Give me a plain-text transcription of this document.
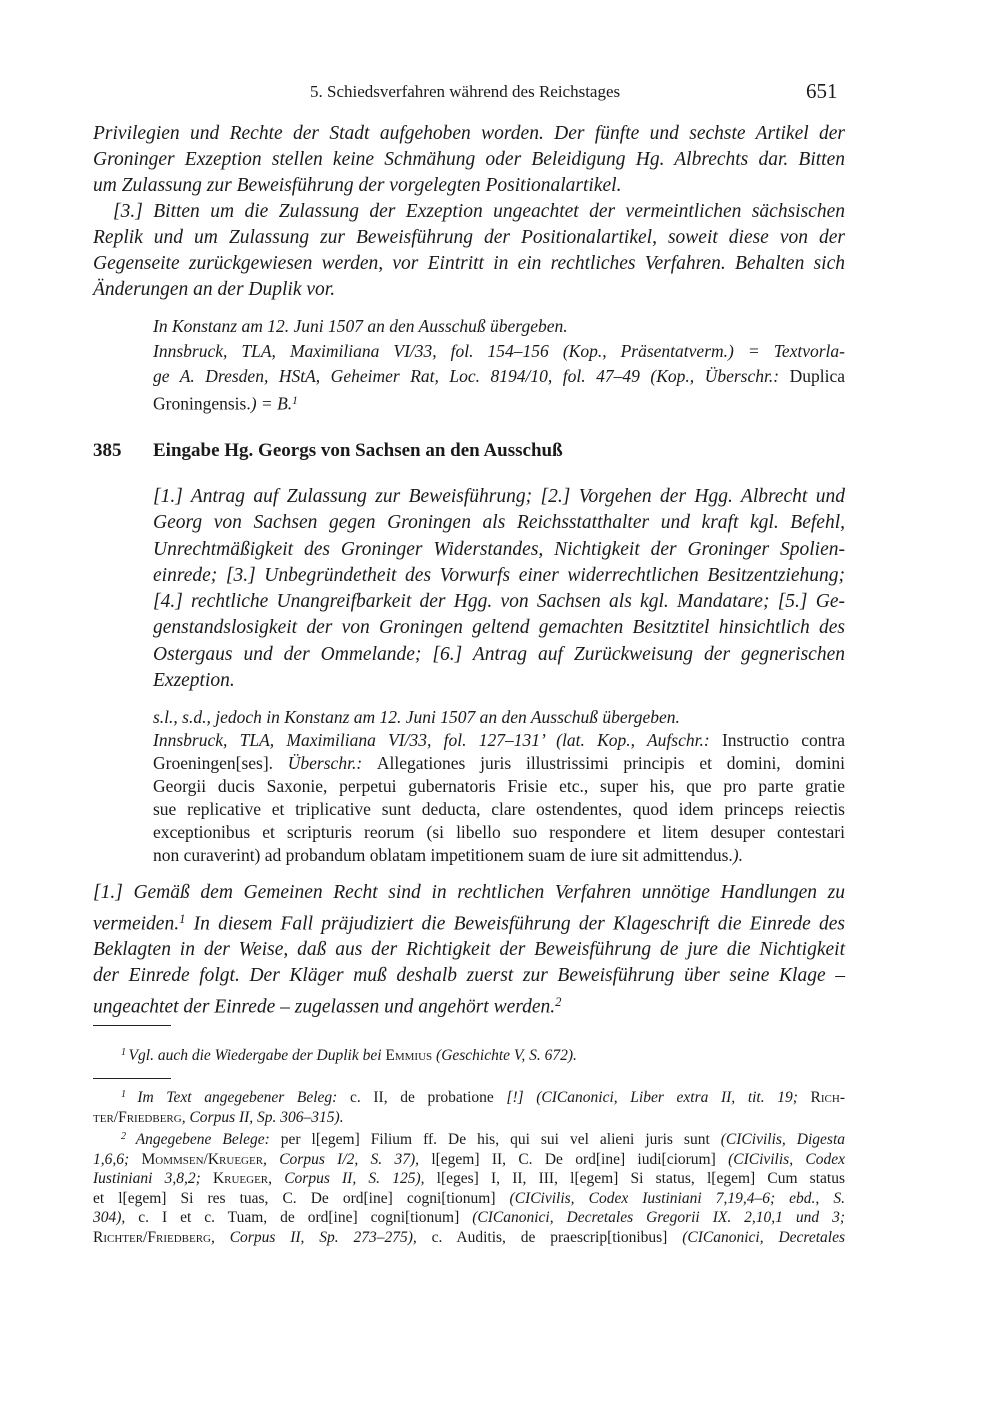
5. Schiedsverfahren während des Reichstages	651
Privilegien und Rechte der Stadt aufgehoben worden. Der fünfte und sechste Artikel der
Groninger Exzeption stellen keine Schmähung oder Beleidigung Hg. Albrechts dar. Bitten
um Zulassung zur Beweisführung der vorgelegten Positionalartikel.
[3.] Bitten um die Zulassung der Exzeption ungeachtet der vermeintlichen sächsischen
Replik und um Zulassung zur Beweisführung der Positionalartikel, soweit diese von der
Gegenseite zurückgewiesen werden, vor Eintritt in ein rechtliches Verfahren. Behalten sich
Änderungen an der Duplik vor.
In Konstanz am 12. Juni 1507 an den Ausschuß übergeben.
Innsbruck, TLA, Maximiliana VI/33, fol. 154–156 (Kop., Präsentatverm.) = Textvorla-
ge A. Dresden, HStA, Geheimer Rat, Loc. 8194/10, fol. 47–49 (Kop., Überschr.: Duplica
Groningensis.) = B.$^1$
385 Eingabe Hg. Georgs von Sachsen an den Ausschuß
[1.] Antrag auf Zulassung zur Beweisführung; [2.] Vorgehen der Hgg. Albrecht und
Georg von Sachsen gegen Groningen als Reichsstatthalter und kraft kgl. Befehl,
Unrechtmäßigkeit des Groninger Widerstandes, Nichtigkeit der Groninger Spolien-
einrede; [3.] Unbegründetheit des Vorwurfs einer widerrechtlichen Besitzentziehung;
[4.] rechtliche Unangreifbarkeit der Hgg. von Sachsen als kgl. Mandatare; [5.] Ge-
genstandslosigkeit der von Groningen geltend gemachten Besitztitel hinsichtlich des
Ostergaus und der Ommelande; [6.] Antrag auf Zurückweisung der gegnerischen
Exzeption.
s.l., s.d., jedoch in Konstanz am 12. Juni 1507 an den Ausschuß übergeben.
Innsbruck, TLA, Maximiliana VI/33, fol. 127–131’ (lat. Kop., Aufschr.: Instructio contra
Groeningen[ses]. Überschr.: Allegationes juris illustrissimi principis et domini, domini
Georgii ducis Saxonie, perpetui gubernatoris Frisie etc., super his, que pro parte gratie
sue replicative et triplicative sunt deducta, clare ostendentes, quod idem princeps reiectis
exceptionibus et scripturis reorum (si libello suo respondere et litem desuper contestari
non curaverint) ad probandum oblatam impetitionem suam de iure sit admittendus.).
[1.] Gemäß dem Gemeinen Recht sind in rechtlichen Verfahren unnötige Handlungen zu
vermeiden.$^1$ In diesem Fall präjudiziert die Beweisführung der Klageschrift die Einrede des
Beklagten in der Weise, daß aus der Richtigkeit der Beweisführung de jure die Nichtigkeit
der Einrede folgt. Der Kläger muß deshalb zuerst zur Beweisführung über seine Klage –
ungeachtet der Einrede – zugelassen und angehört werden.$^2$
$^1$ Vgl. auch die Wiedergabe der Duplik bei Emmius (Geschichte V, S. 672).
$^1$ Im Text angegebener Beleg: c. II, de probatione [!] (CICanonici, Liber extra II, tit. 19; Rich-
ter/Friedberg, Corpus II, Sp. 306–315).
$^2$ Angegebene Belege: per l[egem] Filium ff. De his, qui sui vel alieni juris sunt (CICivilis, Digesta
1,6,6; Mommsen/Krueger, Corpus I/2, S. 37), l[egem] II, C. De ord[ine] iudi[ciorum] (CICivilis, Codex
Iustiniani 3,8,2; Krueger, Corpus II, S. 125), l[eges] I, II, III, l[egem] Si status, l[egem] Cum status
et l[egem] Si res tuas, C. De ord[ine] cogni[tionum] (CICivilis, Codex Iustiniani 7,19,4–6; ebd., S.
304), c. I et c. Tuam, de ord[ine] cogni[tionum] (CICanonici, Decretales Gregorii IX. 2,10,1 und 3;
Richter/Friedberg, Corpus II, Sp. 273–275), c. Auditis, de praescrip[tionibus] (CICanonici, Decretales
